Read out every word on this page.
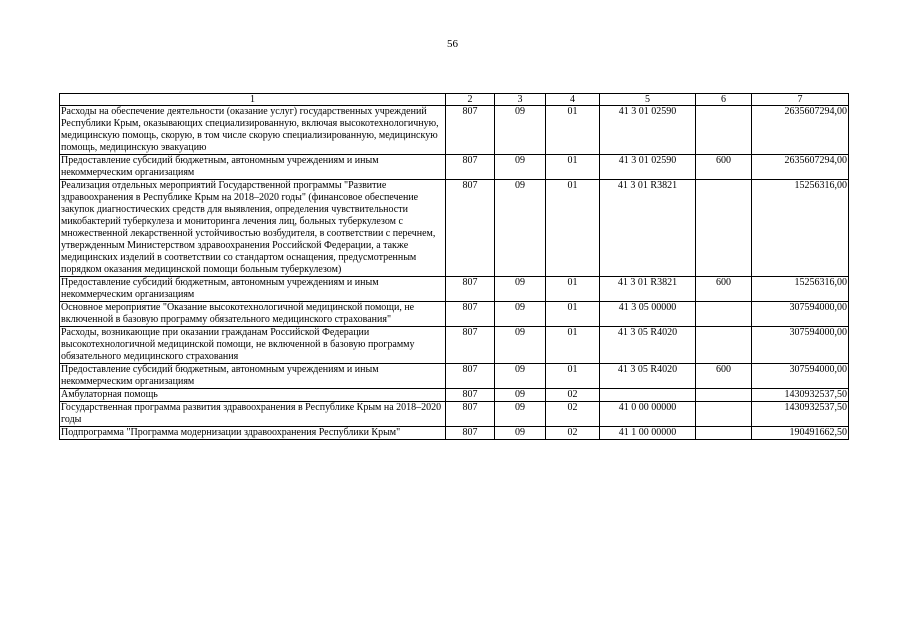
56
1	2	3	4	5	6	7
Расходы на обеспечение деятельности (оказание услуг) государственных учреждений Республики Крым, оказывающих специализированную, включая высокотехнологичную, медицинскую помощь, скорую, в том числе скорую специализированную, медицинскую помощь, медицинскую эвакуацию	807	09	01	41 3 01 02590		2635607294,00
Предоставление субсидий бюджетным, автономным учреждениям и иным некоммерческим организациям	807	09	01	41 3 01 02590	600	2635607294,00
Реализация отдельных мероприятий Государственной программы "Развитие здравоохранения в Республике Крым на 2018–2020 годы" (финансовое обеспечение закупок диагностических средств для выявления, определения чувствительности микобактерий туберкулеза и мониторинга лечения лиц, больных туберкулезом с множественной лекарственной устойчивостью возбудителя, в соответствии с перечнем, утвержденным Министерством здравоохранения Российской Федерации, а также медицинских изделий в соответствии со стандартом оснащения, предусмотренным порядком оказания медицинской помощи больным туберкулезом)	807	09	01	41 3 01 R3821		15256316,00
Предоставление субсидий бюджетным, автономным учреждениям и иным некоммерческим организациям	807	09	01	41 3 01 R3821	600	15256316,00
Основное мероприятие "Оказание высокотехнологичной медицинской помощи, не включенной в базовую программу обязательного медицинского страхования"	807	09	01	41 3 05 00000		307594000,00
Расходы, возникающие при оказании гражданам Российской Федерации высокотехнологичной медицинской помощи, не включенной в базовую программу обязательного медицинского страхования	807	09	01	41 3 05 R4020		307594000,00
Предоставление субсидий бюджетным, автономным учреждениям и иным некоммерческим организациям	807	09	01	41 3 05 R4020	600	307594000,00
Амбулаторная помощь	807	09	02			1430932537,50
Государственная программа развития здравоохранения в Республике Крым на 2018–2020 годы	807	09	02	41 0 00 00000		1430932537,50
Подпрограмма "Программа модернизации здравоохранения Республики Крым"	807	09	02	41 1 00 00000		190491662,50
